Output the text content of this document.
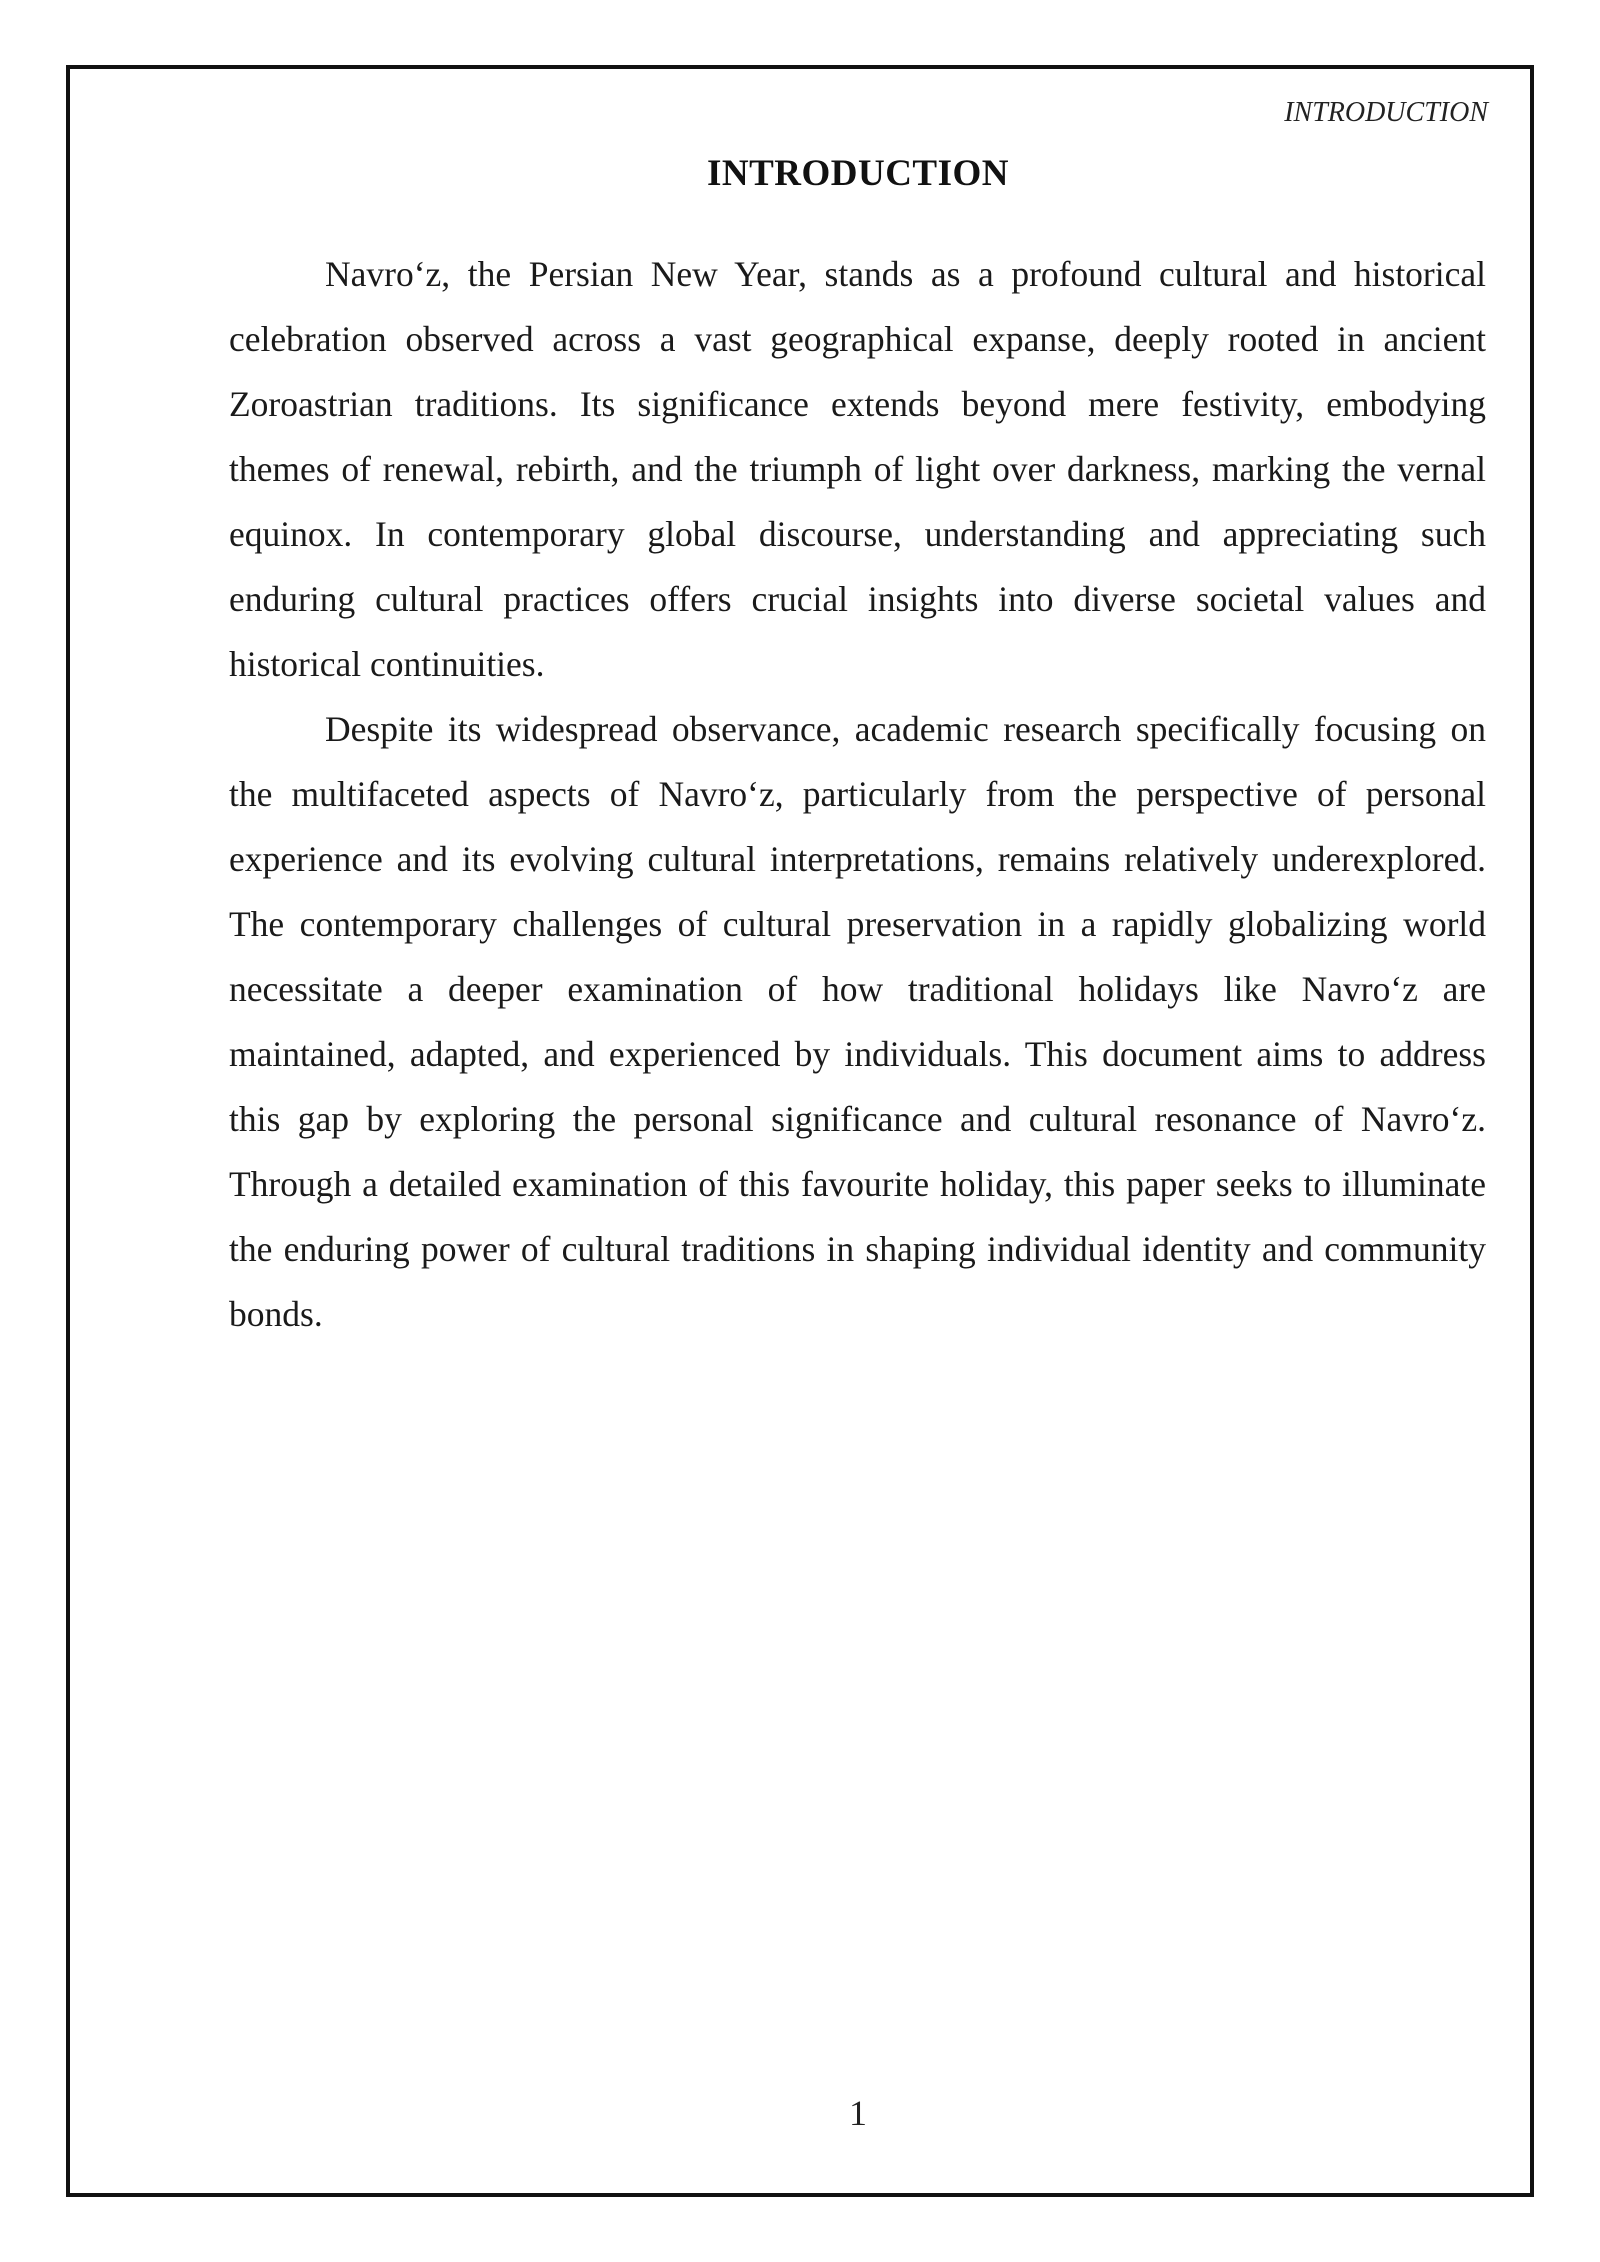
INTRODUCTION
INTRODUCTION

Navro‘z, the Persian New Year, stands as a profound cultural and historical celebration observed across a vast geographical expanse, deeply rooted in ancient Zoroastrian traditions. Its significance extends beyond mere festivity, embodying themes of renewal, rebirth, and the triumph of light over darkness, marking the vernal equinox. In contemporary global discourse, understanding and appreciating such enduring cultural practices offers crucial insights into diverse societal values and historical continuities.

Despite its widespread observance, academic research specifically focusing on the multifaceted aspects of Navro‘z, particularly from the perspective of personal experience and its evolving cultural interpretations, remains relatively underexplored. The contemporary challenges of cultural preservation in a rapidly globalizing world necessitate a deeper examination of how traditional holidays like Navro‘z are maintained, adapted, and experienced by individuals. This document aims to address this gap by exploring the personal significance and cultural resonance of Navro‘z. Through a detailed examination of this favourite holiday, this paper seeks to illuminate the enduring power of cultural traditions in shaping individual identity and community bonds.

1
